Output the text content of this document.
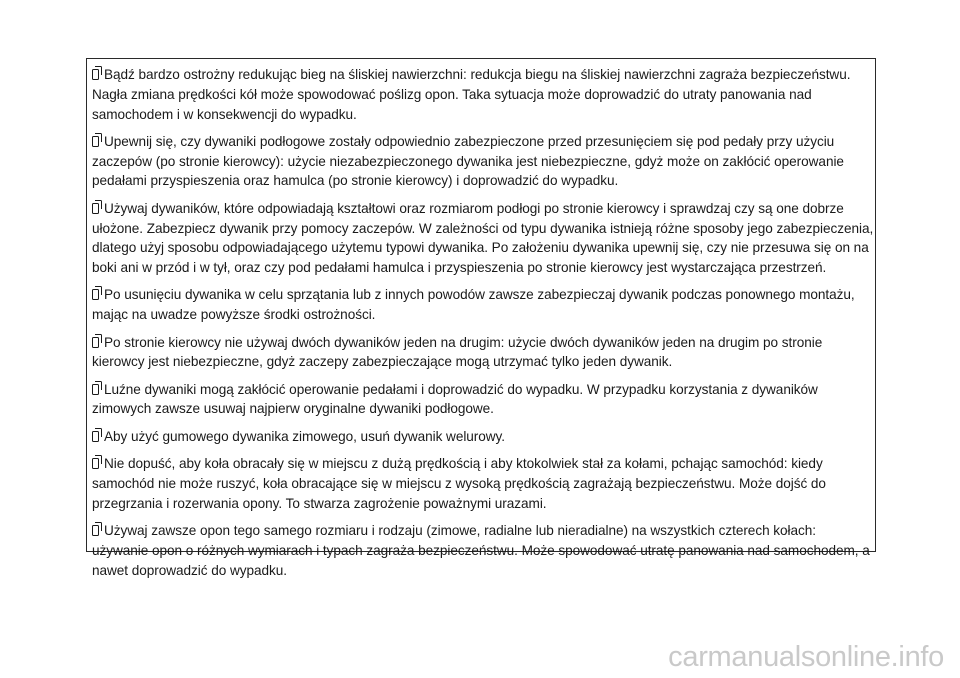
Bądź bardzo ostrożny redukując bieg na śliskiej nawierzchni: redukcja biegu na śliskiej nawierzchni zagraża bezpieczeństwu. Nagła zmiana prędkości kół może spowodować poślizg opon. Taka sytuacja może doprowadzić do utraty panowania nad samochodem i w konsekwencji do wypadku.

Upewnij się, czy dywaniki podłogowe zostały odpowiednio zabezpieczone przed przesunięciem się pod pedały przy użyciu zaczepów (po stronie kierowcy): użycie niezabezpieczonego dywanika jest niebezpieczne, gdyż może on zakłócić operowanie pedałami przyspieszenia oraz hamulca (po stronie kierowcy) i doprowadzić do wypadku.

Używaj dywaników, które odpowiadają kształtowi oraz rozmiarom podłogi po stronie kierowcy i sprawdzaj czy są one dobrze ułożone. Zabezpiecz dywanik przy pomocy zaczepów. W zależności od typu dywanika istnieją różne sposoby jego zabezpieczenia, dlatego użyj sposobu odpowiadającego użytemu typowi dywanika. Po założeniu dywanika upewnij się, czy nie przesuwa się on na boki ani w przód i w tył, oraz czy pod pedałami hamulca i przyspieszenia po stronie kierowcy jest wystarczająca przestrzeń.

Po usunięciu dywanika w celu sprzątania lub z innych powodów zawsze zabezpieczaj dywanik podczas ponownego montażu, mając na uwadze powyższe środki ostrożności.

Po stronie kierowcy nie używaj dwóch dywaników jeden na drugim: użycie dwóch dywaników jeden na drugim po stronie kierowcy jest niebezpieczne, gdyż zaczepy zabezpieczające mogą utrzymać tylko jeden dywanik.

Luźne dywaniki mogą zakłócić operowanie pedałami i doprowadzić do wypadku. W przypadku korzystania z dywaników zimowych zawsze usuwaj najpierw oryginalne dywaniki podłogowe.

Aby użyć gumowego dywanika zimowego, usuń dywanik welurowy.

Nie dopuść, aby koła obracały się w miejscu z dużą prędkością i aby ktokolwiek stał za kołami, pchając samochód: kiedy samochód nie może ruszyć, koła obracające się w miejscu z wysoką prędkością zagrażają bezpieczeństwu. Może dojść do przegrzania i rozerwania opony. To stwarza zagrożenie poważnymi urazami.

Używaj zawsze opon tego samego rozmiaru i rodzaju (zimowe, radialne lub nieradialne) na wszystkich czterech kołach: używanie opon o różnych wymiarach i typach zagraża bezpieczeństwu. Może spowodować utratę panowania nad samochodem, a nawet doprowadzić do wypadku.

carmanualsonline.info
